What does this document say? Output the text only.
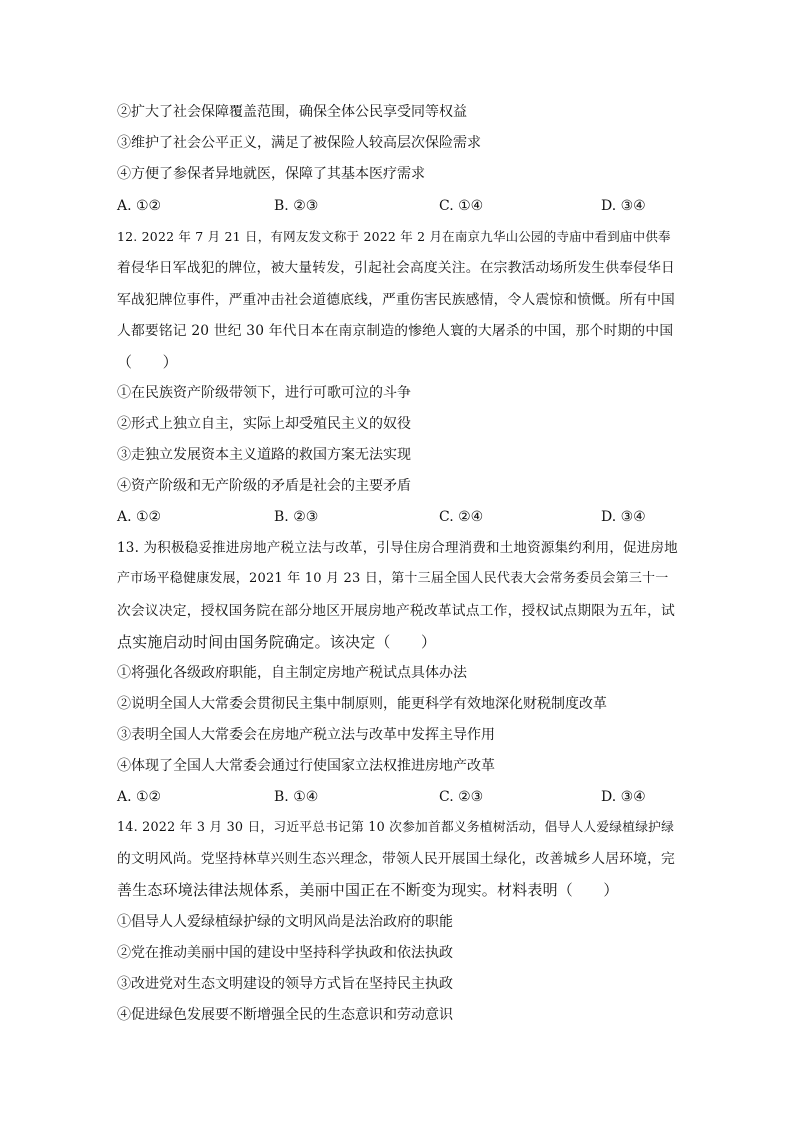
②扩大了社会保障覆盖范围，确保全体公民享受同等权益
③维护了社会公平正义，满足了被保险人较高层次保险需求
④方便了参保者异地就医，保障了其基本医疗需求
A. ①②	B. ②③	C. ①④	D. ③④
12. 2022 年 7 月 21 日，有网友发文称于 2022 年 2 月在南京九华山公园的寺庙中看到庙中供奉
着侵华日军战犯的牌位，被大量转发，引起社会高度关注。在宗教活动场所发生供奉侵华日
军战犯牌位事件，严重冲击社会道德底线，严重伤害民族感情，令人震惊和愤慨。所有中国
人都要铭记 20 世纪 30 年代日本在南京制造的惨绝人寰的大屠杀的中国，那个时期的中国
（　　）
①在民族资产阶级带领下，进行可歌可泣的斗争
②形式上独立自主，实际上却受殖民主义的奴役
③走独立发展资本主义道路的救国方案无法实现
④资产阶级和无产阶级的矛盾是社会的主要矛盾
A. ①②	B. ②③	C. ②④	D. ③④
13. 为积极稳妥推进房地产税立法与改革，引导住房合理消费和土地资源集约利用，促进房地
产市场平稳健康发展，2021 年 10 月 23 日，第十三届全国人民代表大会常务委员会第三十一
次会议决定，授权国务院在部分地区开展房地产税改革试点工作，授权试点期限为五年，试
点实施启动时间由国务院确定。该决定（　　）
①将强化各级政府职能，自主制定房地产税试点具体办法
②说明全国人大常委会贯彻民主集中制原则，能更科学有效地深化财税制度改革
③表明全国人大常委会在房地产税立法与改革中发挥主导作用
④体现了全国人大常委会通过行使国家立法权推进房地产改革
A. ①②	B. ①④	C. ②③	D. ③④
14. 2022 年 3 月 30 日，习近平总书记第 10 次参加首都义务植树活动，倡导人人爱绿植绿护绿
的文明风尚。党坚持林草兴则生态兴理念，带领人民开展国土绿化，改善城乡人居环境，完
善生态环境法律法规体系，美丽中国正在不断变为现实。材料表明（　　）
①倡导人人爱绿植绿护绿的文明风尚是法治政府的职能
②党在推动美丽中国的建设中坚持科学执政和依法执政
③改进党对生态文明建设的领导方式旨在坚持民主执政
④促进绿色发展要不断增强全民的生态意识和劳动意识
